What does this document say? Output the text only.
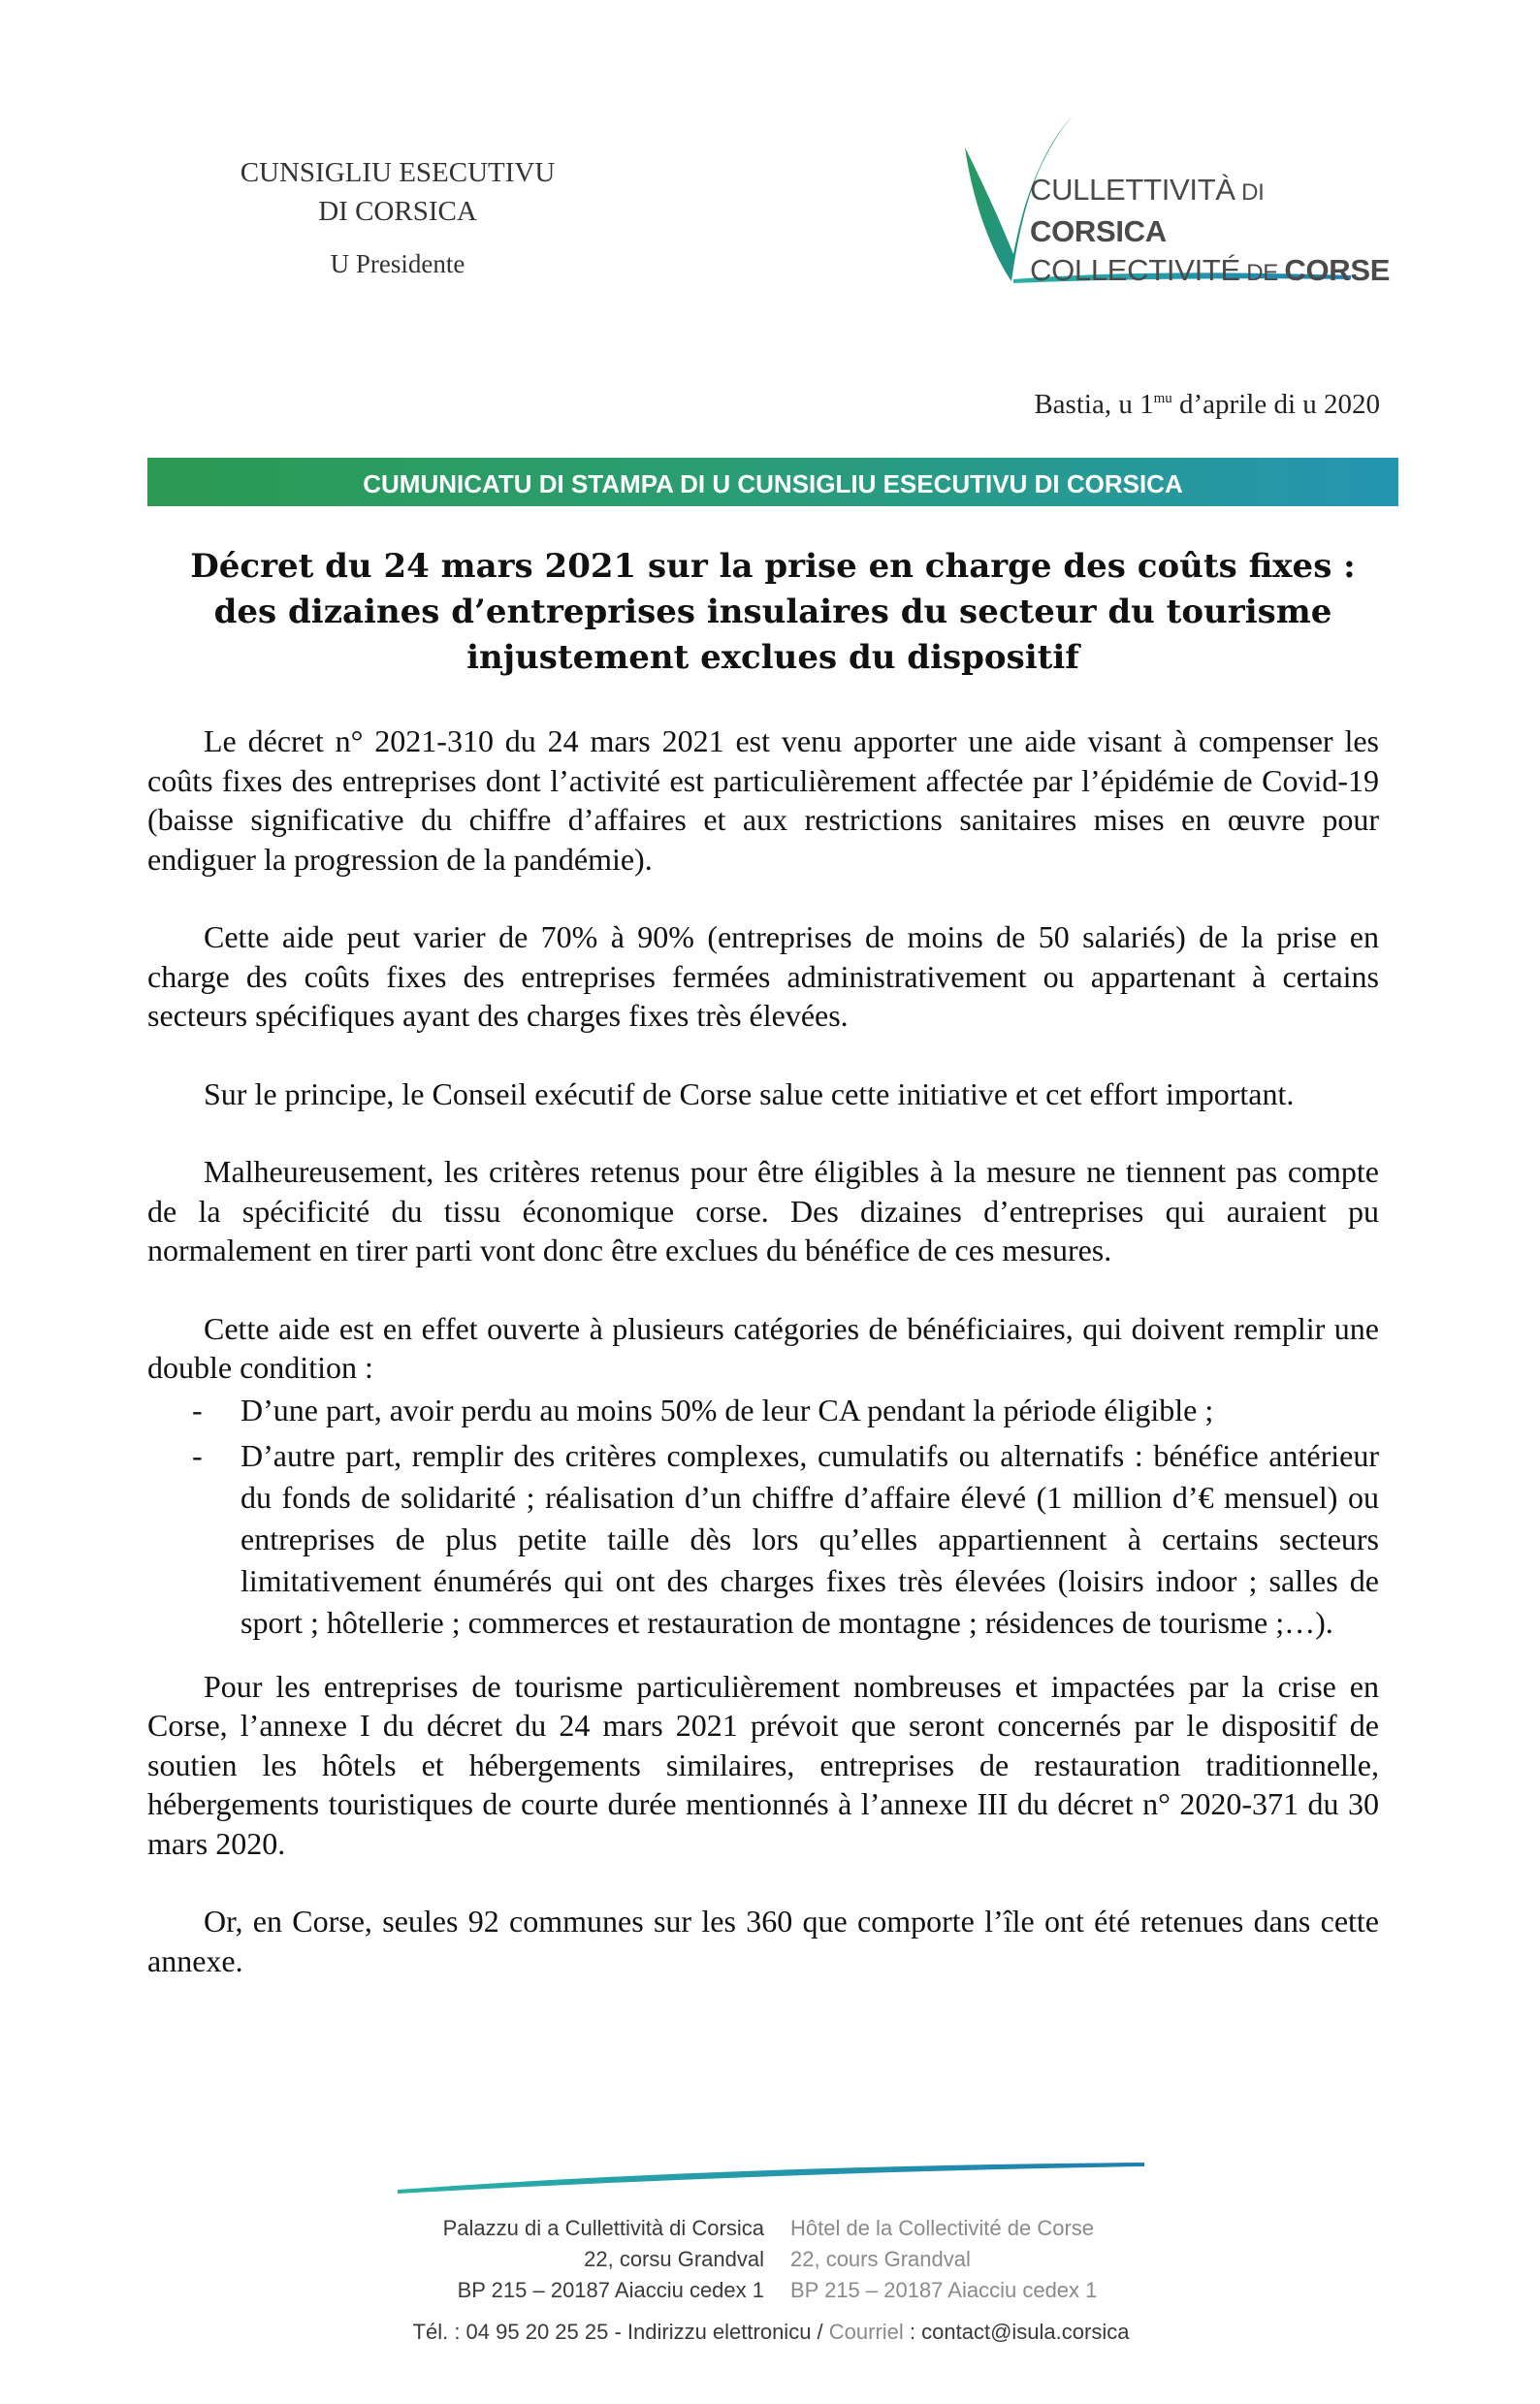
CUNSIGLIU ESECUTIVU
DI CORSICA
U Presidente
CULLETTIVITÀ DI CORSICA
COLLECTIVITÉ DE CORSE
Bastia, u $1^{mu}$ d’aprile di u 2020
CUMUNICATU DI STAMPA DI U CUNSIGLIU ESECUTIVU DI CORSICA
Décret du 24 mars 2021 sur la prise en charge des coûts fixes :
des dizaines d’entreprises insulaires du secteur du tourisme
injustement exclues du dispositif

Le décret n° 2021-310 du 24 mars 2021 est venu apporter une aide visant à compenser les coûts fixes des entreprises dont l’activité est particulièrement affectée par l’épidémie de Covid-19 (baisse significative du chiffre d’affaires et aux restrictions sanitaires mises en œuvre pour endiguer la progression de la pandémie).

Cette aide peut varier de 70% à 90% (entreprises de moins de 50 salariés) de la prise en charge des coûts fixes des entreprises fermées administrativement ou appartenant à certains secteurs spécifiques ayant des charges fixes très élevées.

Sur le principe, le Conseil exécutif de Corse salue cette initiative et cet effort important.

Malheureusement, les critères retenus pour être éligibles à la mesure ne tiennent pas compte de la spécificité du tissu économique corse. Des dizaines d’entreprises qui auraient pu normalement en tirer parti vont donc être exclues du bénéfice de ces mesures.

Cette aide est en effet ouverte à plusieurs catégories de bénéficiaires, qui doivent remplir une double condition :

- D’une part, avoir perdu au moins 50% de leur CA pendant la période éligible ;
- D’autre part, remplir des critères complexes, cumulatifs ou alternatifs : bénéfice antérieur du fonds de solidarité ; réalisation d’un chiffre d’affaire élevé (1 million d’€ mensuel) ou entreprises de plus petite taille dès lors qu’elles appartiennent à certains secteurs limitativement énumérés qui ont des charges fixes très élevées (loisirs indoor ; salles de sport ; hôtellerie ; commerces et restauration de montagne ; résidences de tourisme ;…).

Pour les entreprises de tourisme particulièrement nombreuses et impactées par la crise en Corse, l’annexe I du décret du 24 mars 2021 prévoit que seront concernés par le dispositif de soutien les hôtels et hébergements similaires, entreprises de restauration traditionnelle, hébergements touristiques de courte durée mentionnés à l’annexe III du décret n° 2020-371 du 30 mars 2020.

Or, en Corse, seules 92 communes sur les 360 que comporte l’île ont été retenues dans cette annexe.

Palazzu di a Cullettività di Corsica
22, corsu Grandval
BP 215 – 20187 Aiacciu cedex 1
Hôtel de la Collectivité de Corse
22, cours Grandval
BP 215 – 20187 Aiacciu cedex 1
Tél. : 04 95 20 25 25 - Indirizzu elettronicu / Courriel : contact@isula.corsica
